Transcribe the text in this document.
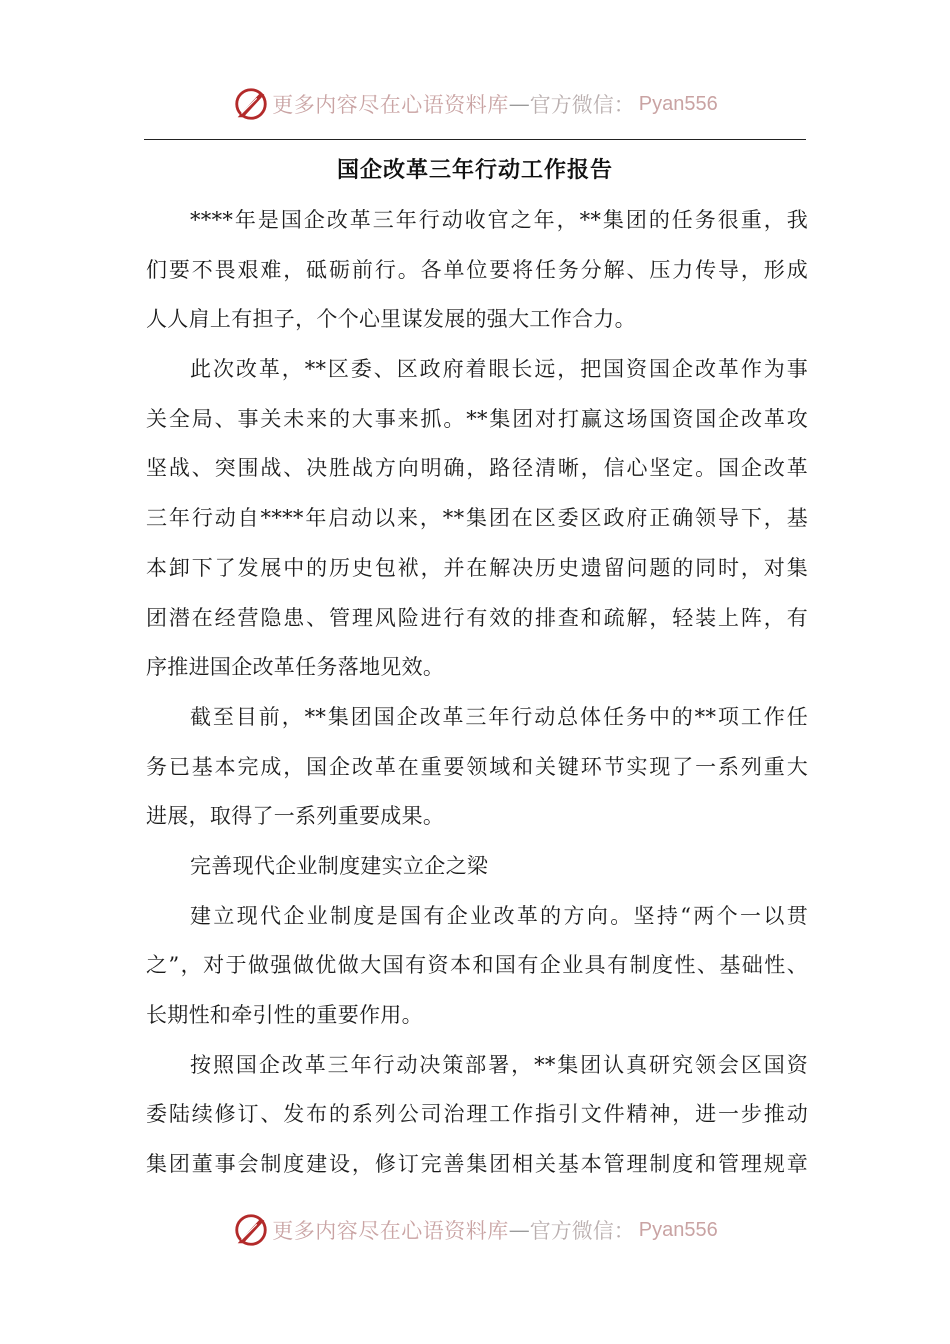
更多内容尽在心语资料库 — 官方微信： Pyan556
国企改革三年行动工作报告
****年是国企改革三年行动收官之年，**集团的任务很重，我
们要不畏艰难，砥砺前行。各单位要将任务分解、压力传导，形成
人人肩上有担子，个个心里谋发展的强大工作合力。
此次改革，**区委、区政府着眼长远，把国资国企改革作为事
关全局、事关未来的大事来抓。**集团对打赢这场国资国企改革攻
坚战、突围战、决胜战方向明确，路径清晰，信心坚定。国企改革
三年行动自****年启动以来，**集团在区委区政府正确领导下，基
本卸下了发展中的历史包袱，并在解决历史遗留问题的同时，对集
团潜在经营隐患、管理风险进行有效的排查和疏解，轻装上阵，有
序推进国企改革任务落地见效。
截至目前，**集团国企改革三年行动总体任务中的**项工作任
务已基本完成，国企改革在重要领域和关键环节实现了一系列重大
进展，取得了一系列重要成果。
完善现代企业制度建实立企之梁
建立现代企业制度是国有企业改革的方向。坚持“两个一以贯
之”，对于做强做优做大国有资本和国有企业具有制度性、基础性、
长期性和牵引性的重要作用。
按照国企改革三年行动决策部署，**集团认真研究领会区国资
委陆续修订、发布的系列公司治理工作指引文件精神，进一步推动
集团董事会制度建设，修订完善集团相关基本管理制度和管理规章
更多内容尽在心语资料库 — 官方微信： Pyan556
